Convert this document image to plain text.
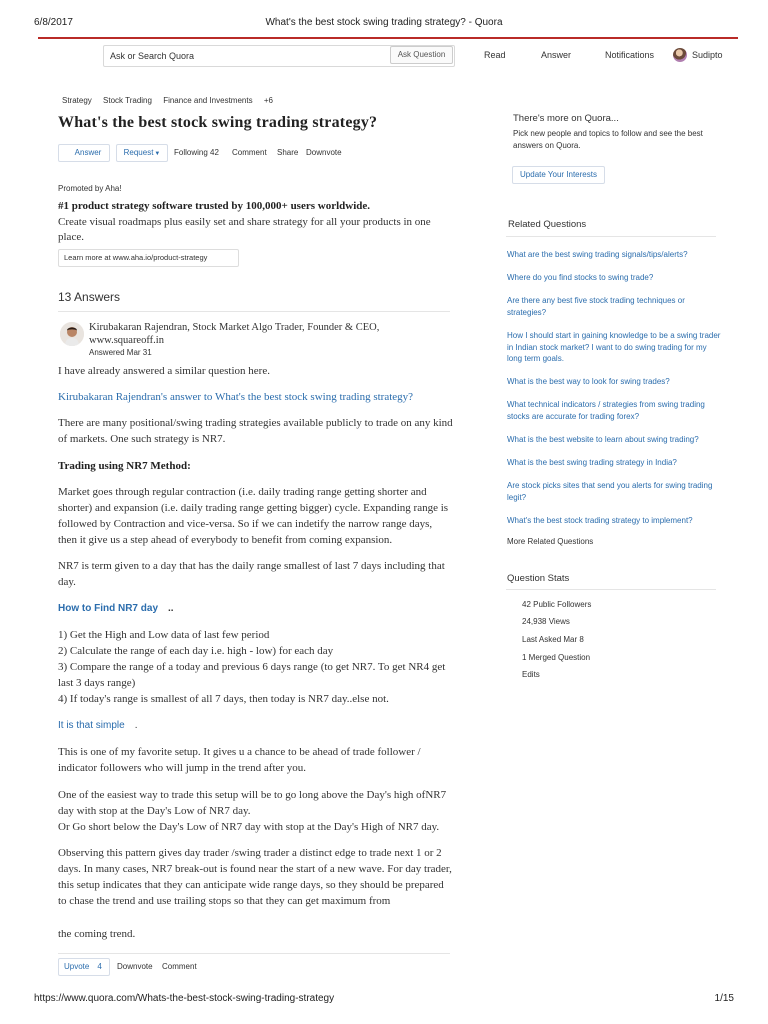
6/8/2017	What's the best stock swing trading strategy? - Quora
Ask or Search Quora	Ask Question	Read	Answer	Notifications	Sudipto
Strategy Stock Trading Finance and Investments +6
What's the best stock swing trading strategy?
Answer	Request▼	Following 42 Comment Share Downvote
Promoted by Aha!
#1 product strategy software trusted by 100,000+ users worldwide.
Create visual roadmaps plus easily set and share strategy for all your products in one place.
Learn more at www.aha.io/product-strategy
13 Answers
Kirubakaran Rajendran, Stock Market Algo Trader, Founder & CEO, www.squareoff.in
Answered Mar 31
I have already answered a similar question here.
Kirubakaran Rajendran's answer to What's the best stock swing trading strategy?
There are many positional/swing trading strategies available publicly to trade on any kind of markets. One such strategy is NR7.
Trading using NR7 Method:
Market goes through regular contraction (i.e. daily trading range getting shorter and shorter) and expansion (i.e. daily trading range getting bigger) cycle. Expanding range is followed by Contraction and vice-versa. So if we can indetify the narrow range days, then it give us a step ahead of everybody to benefit from coming expansion.
NR7 is term given to a day that has the daily range smallest of last 7 days including that day.
How to Find NR7 day ..
1) Get the High and Low data of last few period
2) Calculate the range of each day i.e. high - low) for each day
3) Compare the range of a today and previous 6 days range (to get NR7. To get NR4 get last 3 days range)
4) If today's range is smallest of all 7 days, then today is NR7 day..else not.
It is that simple .
This is one of my favorite setup. It gives u a chance to be ahead of trade follower / indicator followers who will jump in the trend after you.
One of the easiest way to trade this setup will be to go long above the Day's high ofNR7 day with stop at the Day's Low of NR7 day.
Or Go short below the Day's Low of NR7 day with stop at the Day's High of NR7 day.
Observing this pattern gives day trader /swing trader a distinct edge to trade next 1 or 2 days. In many cases, NR7 break-out is found near the start of a new wave. For day trader, this setup indicates that they can anticipate wide range days, so they should be prepared to chase the trend and use trailing stops so that they can get maximum from
the coming trend.
Upvote 4	Downvote Comment
There's more on Quora...
Pick new people and topics to follow and see the best answers on Quora.
Update Your Interests
Related Questions
What are the best swing trading signals/tips/alerts?
Where do you find stocks to swing trade?
Are there any best five stock trading techniques or strategies?
How I should start in gaining knowledge to be a swing trader in Indian stock market? I want to do swing trading for my long term goals.
What is the best way to look for swing trades?
What technical indicators / strategies from swing trading stocks are accurate for trading forex?
What is the best website to learn about swing trading?
What is the best swing trading strategy in India?
Are stock picks sites that send you alerts for swing trading legit?
What's the best stock trading strategy to implement?
More Related Questions
Question Stats
42 Public Followers
24,938 Views
Last Asked Mar 8
1 Merged Question
Edits
https://www.quora.com/Whats-the-best-stock-swing-trading-strategy	1/15
